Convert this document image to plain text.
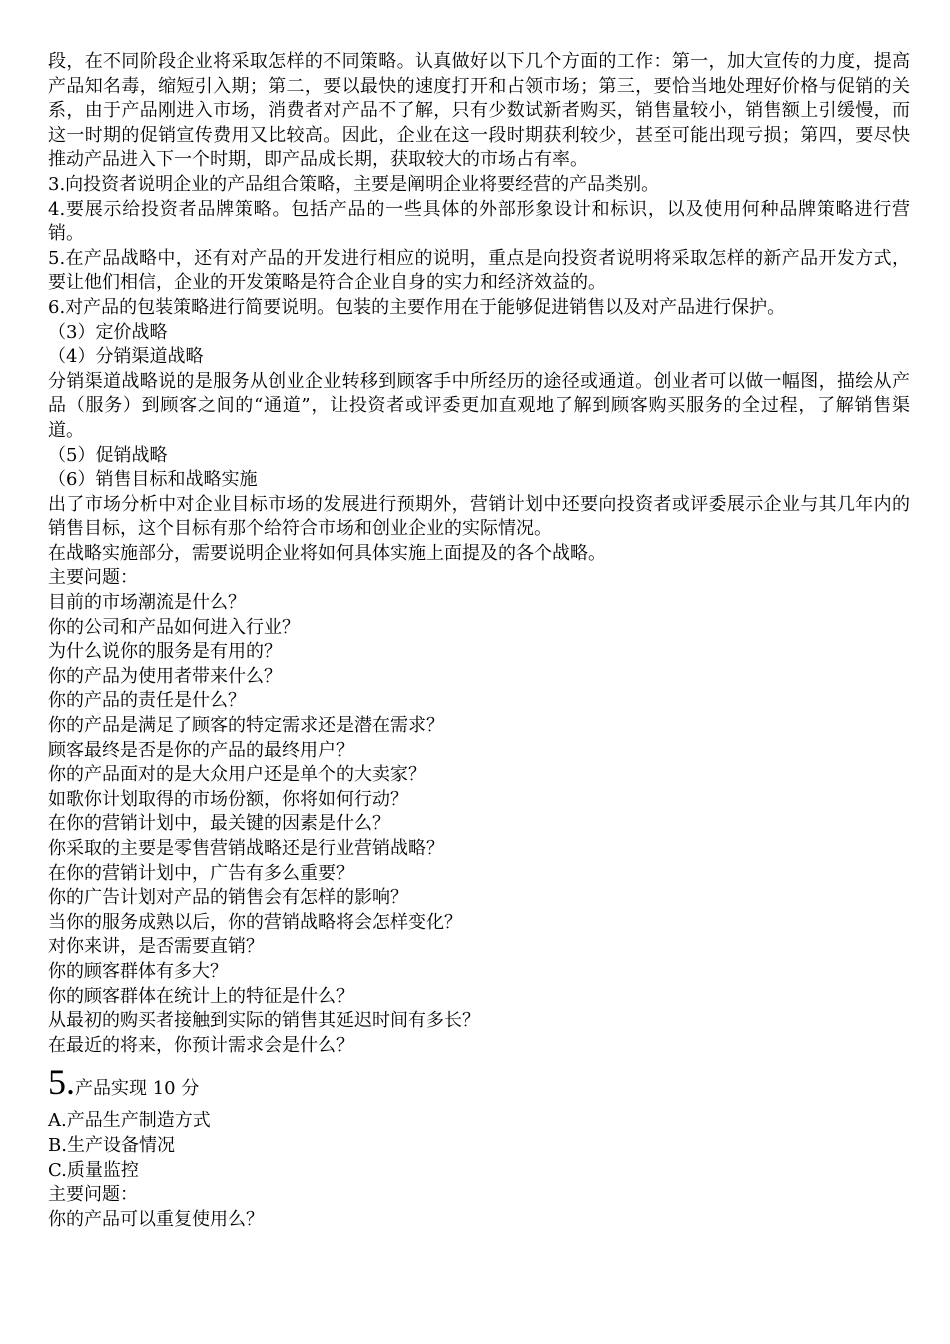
段，在不同阶段企业将采取怎样的不同策略。认真做好以下几个方面的工作：第一，加大宣传的力度，提高产品知名毒，缩短引入期；第二，要以最快的速度打开和占领市场；第三，要恰当地处理好价格与促销的关系，由于产品刚进入市场，消费者对产品不了解，只有少数试新者购买，销售量较小，销售额上引缓慢，而这一时期的促销宣传费用又比较高。因此，企业在这一段时期获利较少，甚至可能出现亏损；第四，要尽快推动产品进入下一个时期，即产品成长期，获取较大的市场占有率。

3.向投资者说明企业的产品组合策略，主要是阐明企业将要经营的产品类别。

4.要展示给投资者品牌策略。包括产品的一些具体的外部形象设计和标识，以及使用何种品牌策略进行营销。

5.在产品战略中，还有对产品的开发进行相应的说明，重点是向投资者说明将采取怎样的新产品开发方式，要让他们相信，企业的开发策略是符合企业自身的实力和经济效益的。

6.对产品的包装策略进行简要说明。包装的主要作用在于能够促进销售以及对产品进行保护。

（3）定价战略

（4）分销渠道战略

分销渠道战略说的是服务从创业企业转移到顾客手中所经历的途径或通道。创业者可以做一幅图，描绘从产品（服务）到顾客之间的“通道”，让投资者或评委更加直观地了解到顾客购买服务的全过程，了解销售渠道。

（5）促销战略

（6）销售目标和战略实施

出了市场分析中对企业目标市场的发展进行预期外，营销计划中还要向投资者或评委展示企业与其几年内的销售目标，这个目标有那个给符合市场和创业企业的实际情况。

在战略实施部分，需要说明企业将如何具体实施上面提及的各个战略。

主要问题：

目前的市场潮流是什么？

你的公司和产品如何进入行业？

为什么说你的服务是有用的？

你的产品为使用者带来什么？

你的产品的责任是什么？

你的产品是满足了顾客的特定需求还是潜在需求？

顾客最终是否是你的产品的最终用户？

你的产品面对的是大众用户还是单个的大卖家？

如歌你计划取得的市场份额，你将如何行动？

在你的营销计划中，最关键的因素是什么？

你采取的主要是零售营销战略还是行业营销战略？

在你的营销计划中，广告有多么重要？

你的广告计划对产品的销售会有怎样的影响？

当你的服务成熟以后，你的营销战略将会怎样变化？

对你来讲，是否需要直销？

你的顾客群体有多大？

你的顾客群体在统计上的特征是什么？

从最初的购买者接触到实际的销售其延迟时间有多长？

在最近的将来，你预计需求会是什么？

5.产品实现 10 分

A.产品生产制造方式

B.生产设备情况

C.质量监控

主要问题：

你的产品可以重复使用么？
